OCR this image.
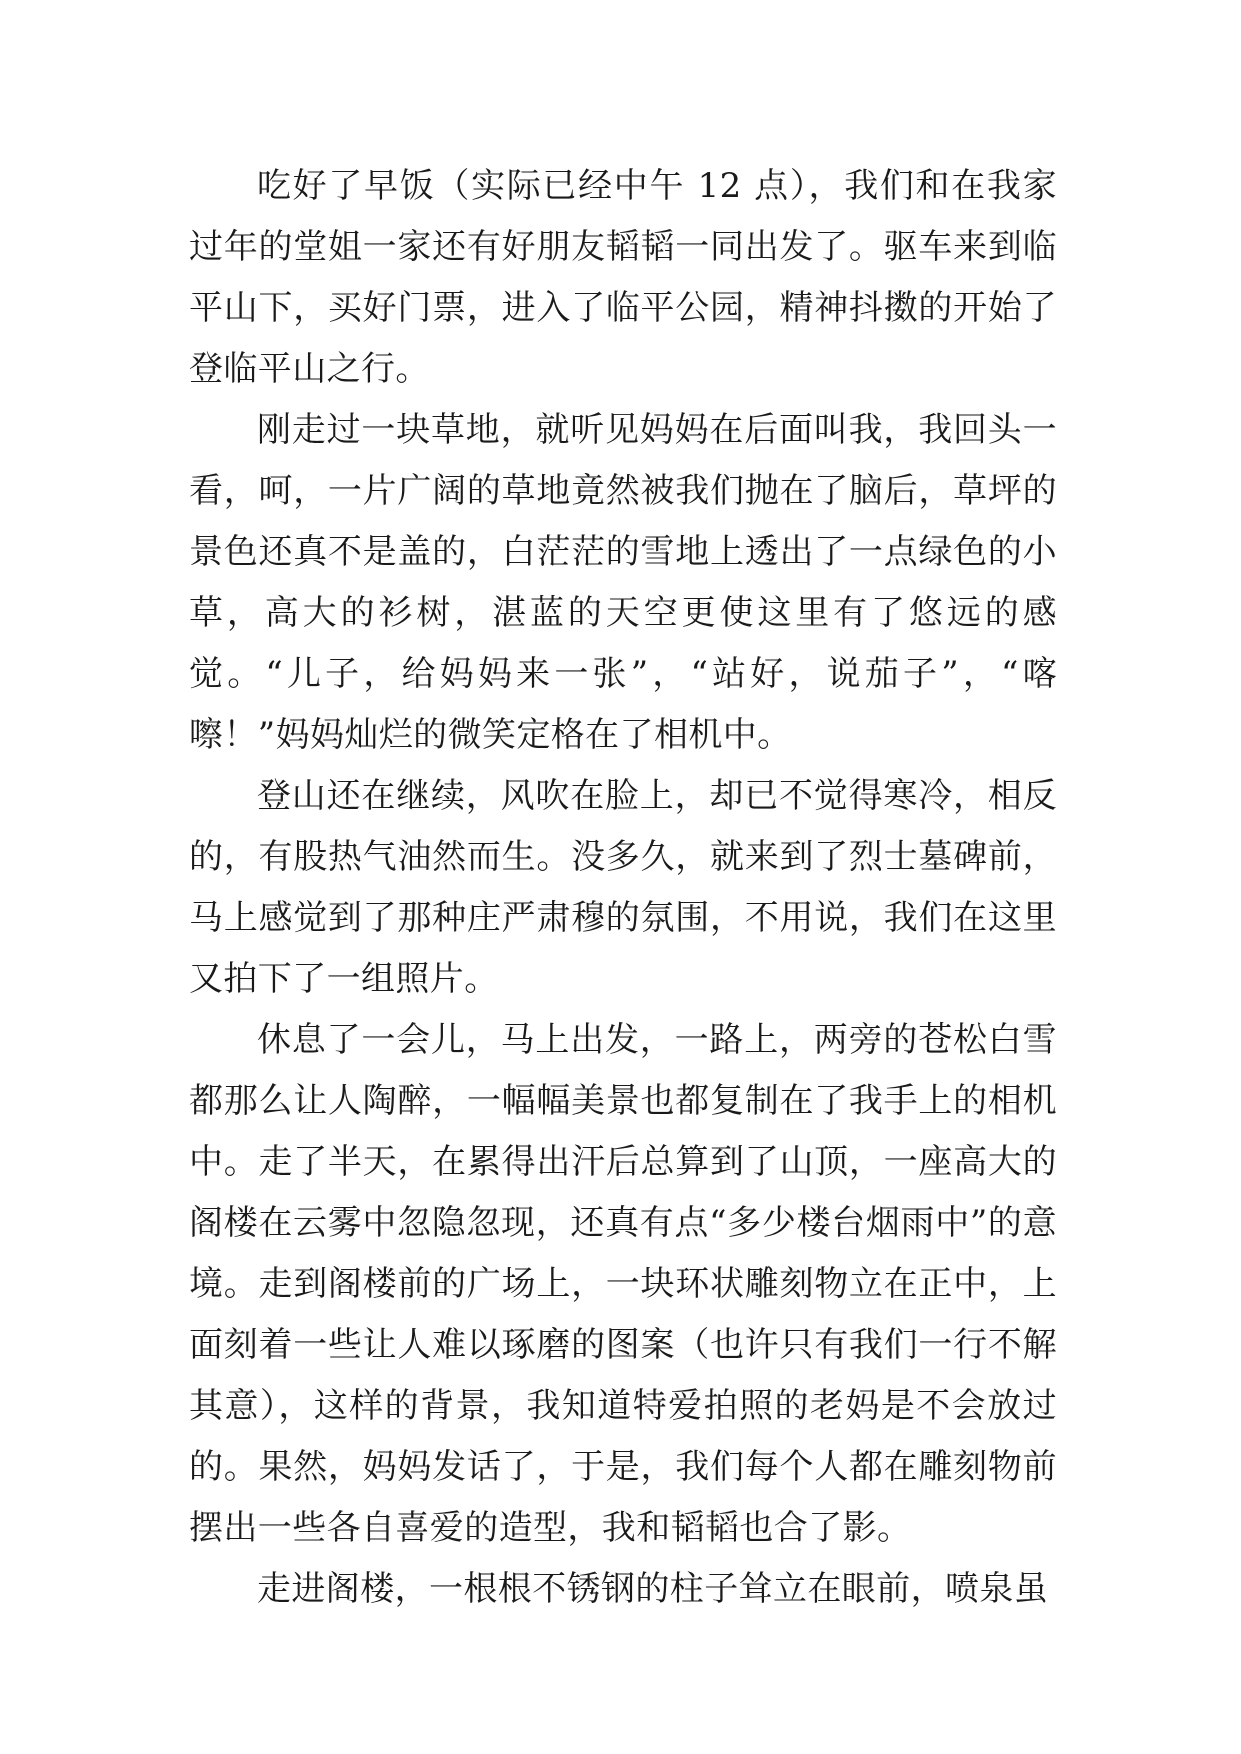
吃好了早饭（实际已经中午 12 点），我们和在我家过年的堂姐一家还有好朋友韬韬一同出发了。驱车来到临平山下，买好门票，进入了临平公园，精神抖擞的开始了登临平山之行。

刚走过一块草地，就听见妈妈在后面叫我，我回头一看，呵，一片广阔的草地竟然被我们抛在了脑后，草坪的景色还真不是盖的，白茫茫的雪地上透出了一点绿色的小草，高大的衫树，湛蓝的天空更使这里有了悠远的感觉。“儿子，给妈妈来一张”，“站好，说茄子”，“喀嚓！”妈妈灿烂的微笑定格在了相机中。

登山还在继续，风吹在脸上，却已不觉得寒冷，相反的，有股热气油然而生。没多久，就来到了烈士墓碑前，马上感觉到了那种庄严肃穆的氛围，不用说，我们在这里又拍下了一组照片。

休息了一会儿，马上出发，一路上，两旁的苍松白雪都那么让人陶醉，一幅幅美景也都复制在了我手上的相机中。走了半天，在累得出汗后总算到了山顶，一座高大的阁楼在云雾中忽隐忽现，还真有点“多少楼台烟雨中”的意境。走到阁楼前的广场上，一块环状雕刻物立在正中，上面刻着一些让人难以琢磨的图案（也许只有我们一行不解其意），这样的背景，我知道特爱拍照的老妈是不会放过的。果然，妈妈发话了，于是，我们每个人都在雕刻物前摆出一些各自喜爱的造型，我和韬韬也合了影。

走进阁楼，一根根不锈钢的柱子耸立在眼前，喷泉虽
